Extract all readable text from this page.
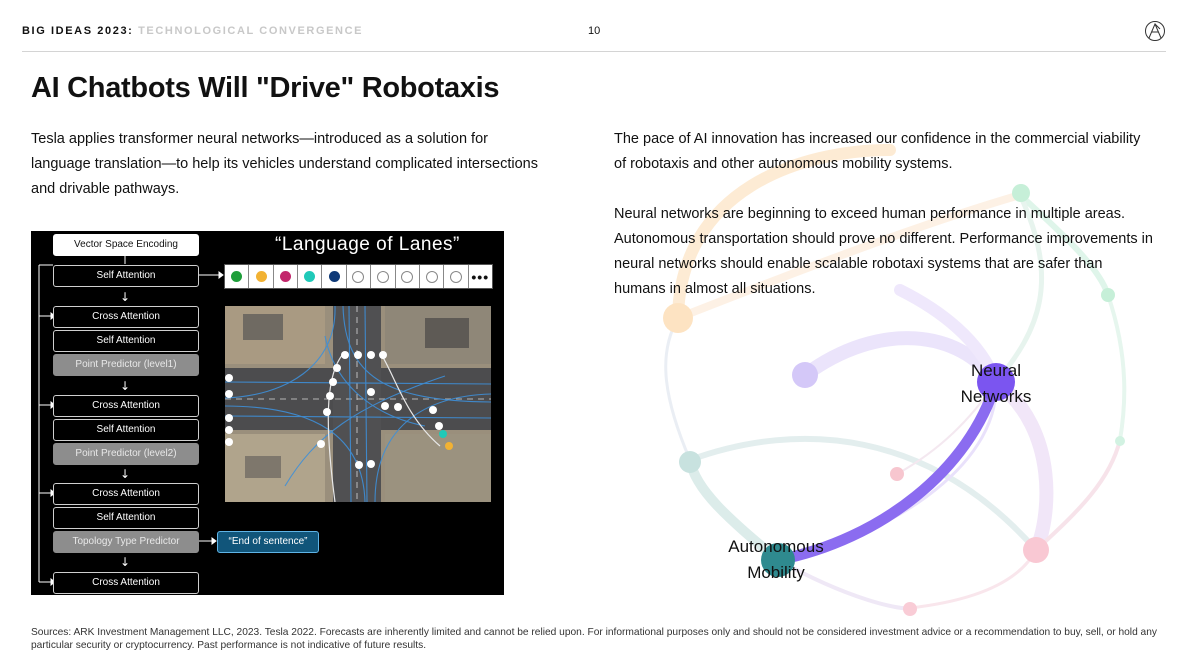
BIG IDEAS 2023: TECHNOLOGICAL CONVERGENCE	10
AI Chatbots Will "Drive" Robotaxis
Neural
Networks
Autonomous
Mobility

Tesla applies transformer neural networks—introduced as a solution for language translation—to help its vehicles understand complicated intersections and drivable pathways.

The pace of AI innovation has increased our confidence in the commercial viability of robotaxis and other autonomous mobility systems.

Neural networks are beginning to exceed human performance in multiple areas. Autonomous transportation should prove no different. Performance improvements in neural networks should enable scalable robotaxi systems that are safer than humans in almost all situations.

↓
↓
↓
↓
Vector Space Encoding
Self Attention
Cross Attention
Self Attention
Point Predictor (level1)
Cross Attention
Self Attention
Point Predictor (level2)
Cross Attention
Self Attention
Topology Type Predictor
Cross Attention
“Language of Lanes”
“End of sentence”
•••

Sources: ARK Investment Management LLC, 2023. Tesla 2022. Forecasts are inherently limited and cannot be relied upon. For informational purposes only and should not be considered investment advice or a recommendation to buy, sell, or hold any particular security or cryptocurrency. Past performance is not indicative of future results.
